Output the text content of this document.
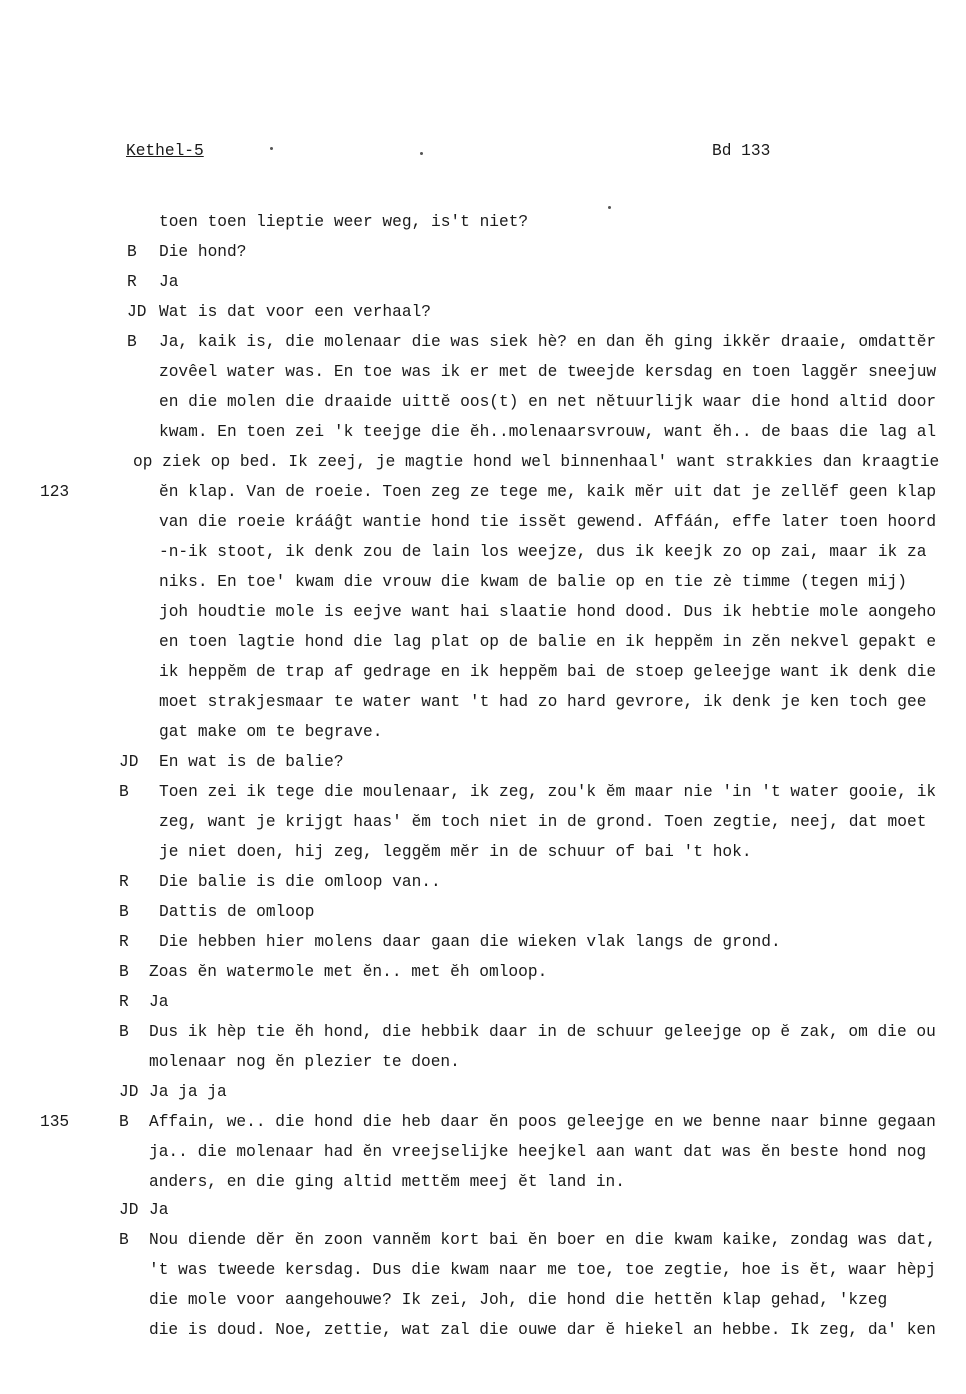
Kethel-5	Bd 133
123
135
B
R
JD
B
JD
B
R
B
R
B
R
B
JD
B
JD
B
toen toen lieptie weer weg, is't niet?
Die hond?
Ja
Wat is dat voor een verhaal?
Ja, kaik is, die molenaar die was siek hè? en dan ĕh ging ikkĕr draaie, omdattĕr
zovêel water was. En toe was ik er met de tweejde kersdag en toen laggĕr sneejuw
en die molen die draaide uittĕ oos(t) en net nĕtuurlijk waar die hond altid door
kwam. En toen zei 'k teejge die ĕh..molenaarsvrouw, want ĕh.. de baas die lag al
op ziek op bed. Ik zeej, je magtie hond wel binnenhaal' want strakkies dan kraagtie
ĕn klap. Van de roeie. Toen zeg ze tege me, kaik mĕr uit dat je zellĕf geen klap
van die roeie krááĝt wantie hond tie issĕt gewend. Affáán, effe later toen hoord
-n-ik stoot, ik denk zou de lain los weejze, dus ik keejk zo op zai, maar ik za
niks. En toe' kwam die vrouw die kwam de balie op en tie zè timme (tegen mij)
joh houdtie mole is eejve want hai slaatie hond dood. Dus ik hebtie mole aongeho
en toen lagtie hond die lag plat op de balie en ik heppĕm in zĕn nekvel gepakt e
ik heppĕm de trap af gedrage en ik heppĕm bai de stoep geleejge want ik denk die
moet strakjesmaar te water want 't had zo hard gevrore, ik denk je ken toch gee
gat make om te begrave.
En wat is de balie?
Toen zei ik tege die moulenaar, ik zeg, zou'k ĕm maar nie 'in 't water gooie, ik
zeg, want je krijgt haas' ĕm toch niet in de grond. Toen zegtie, neej, dat moet
je niet doen, hij zeg, leggĕm mĕr in de schuur of bai 't hok.
Die balie is die omloop van..
Dattis de omloop
Die hebben hier molens daar gaan die wieken vlak langs de grond.
Zoas ĕn watermole met ĕn.. met ĕh omloop.
Ja
Dus ik hèp tie ĕh hond, die hebbik daar in de schuur geleejge op ĕ zak, om die ou
molenaar nog ĕn plezier te doen.
Ja ja ja
Affain, we.. die hond die heb daar ĕn poos geleejge en we benne naar binne gegaan
ja.. die molenaar had ĕn vreejselijke heejkel aan want dat was ĕn beste hond nog
anders, en die ging altid mettĕm meej ĕt land in.
Ja
Nou diende dĕr ĕn zoon vannĕm kort bai ĕn boer en die kwam kaike, zondag was dat,
't was tweede kersdag. Dus die kwam naar me toe, toe zegtie, hoe is ĕt, waar hèpj
die mole voor aangehouwe? Ik zei, Joh, die hond die hettĕn klap gehad, 'kzeg
die is doud. Noe, zettie, wat zal die ouwe dar ĕ hiekel an hebbe. Ik zeg, da' ken
